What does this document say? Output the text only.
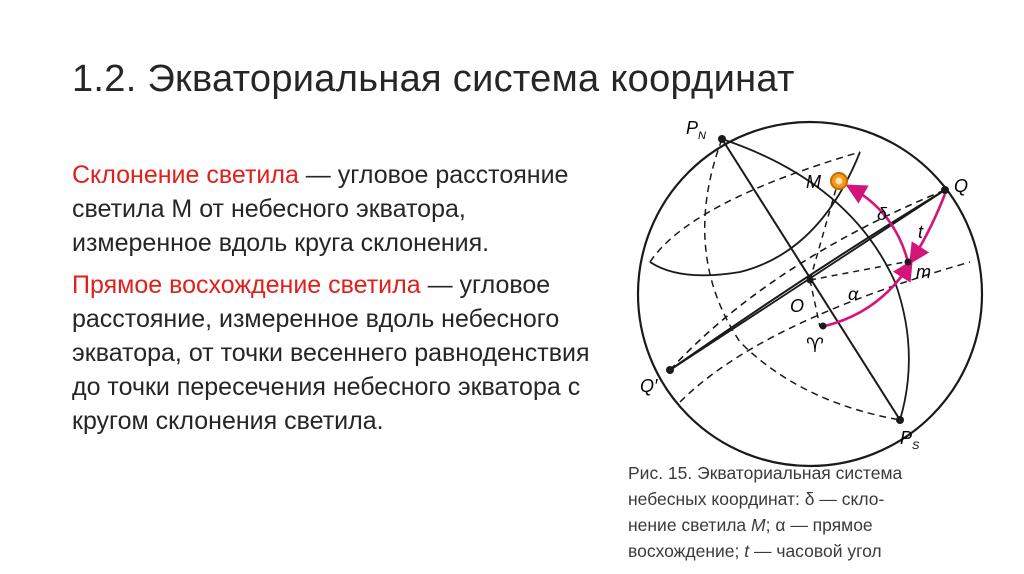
1.2. Экваториальная система координат

Склонение светила — угловое расстояние светила М от небесного экватора, измеренное вдоль круга склонения.

Прямое восхождение светила — угловое расстояние, измеренное вдоль небесного экватора, от точки весеннего равноденствия до точки пересечения небесного экватора с кругом склонения светила.

$P_N$
$P_S$
M	Q
Q′
O
m
δ
t
α
♈
Рис. 15. Экваториальная система
небесных координат: δ — скло-
нение светила M; α — прямое
восхождение; t — часовой угол
